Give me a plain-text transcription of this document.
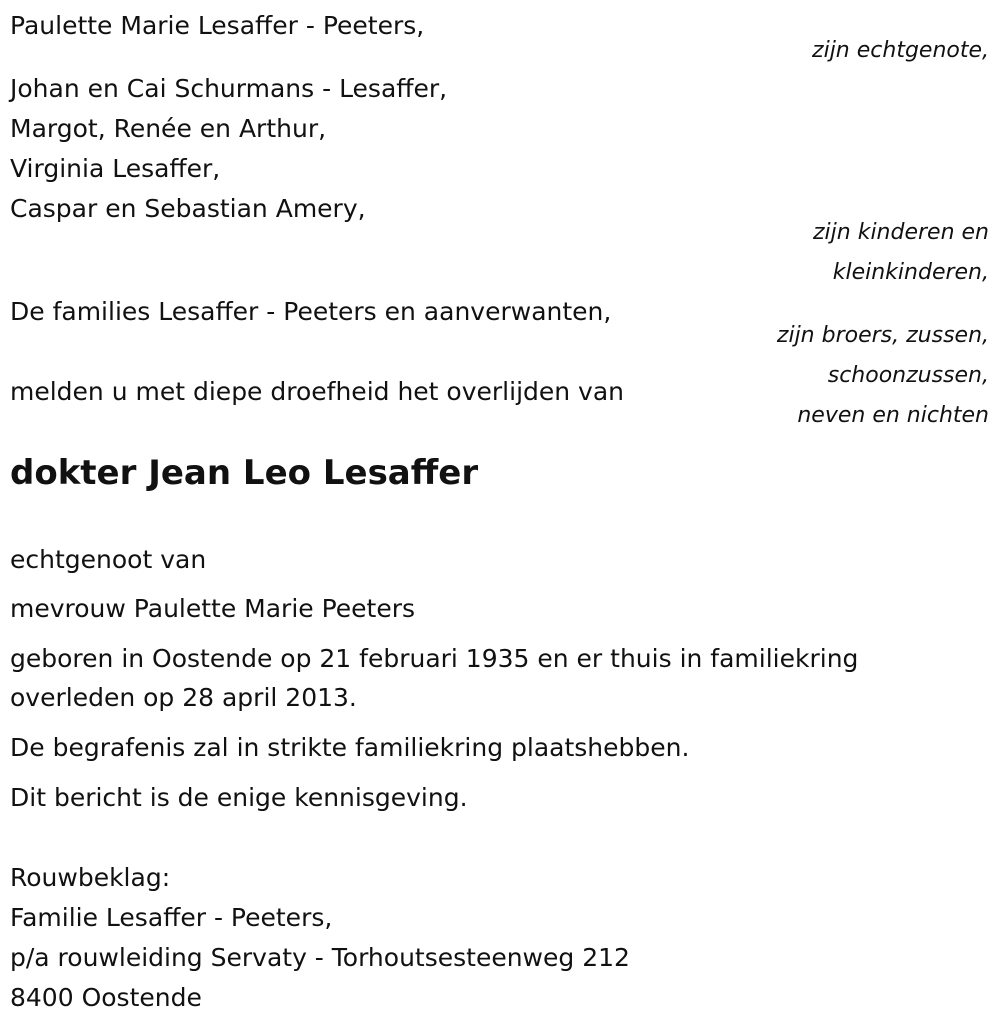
Paulette Marie Lesaffer - Peeters,
zijn echtgenote,
Johan en Cai Schurmans - Lesaffer,
Margot, Renée en Arthur,
Virginia Lesaffer,
Caspar en Sebastian Amery,
zijn kinderen en
kleinkinderen,
De families Lesaffer - Peeters en aanverwanten,
zijn broers, zussen,
schoonzussen,
neven en nichten
melden u met diepe droefheid het overlijden van
dokter Jean Leo Lesaffer
echtgenoot van
mevrouw Paulette Marie Peeters
geboren in Oostende op 21 februari 1935 en er thuis in familiekring
overleden op 28 april 2013.
De begrafenis zal in strikte familiekring plaatshebben.
Dit bericht is de enige kennisgeving.
Rouwbeklag:
Familie Lesaffer - Peeters,
p/a rouwleiding Servaty - Torhoutsesteenweg 212
8400 Oostende
